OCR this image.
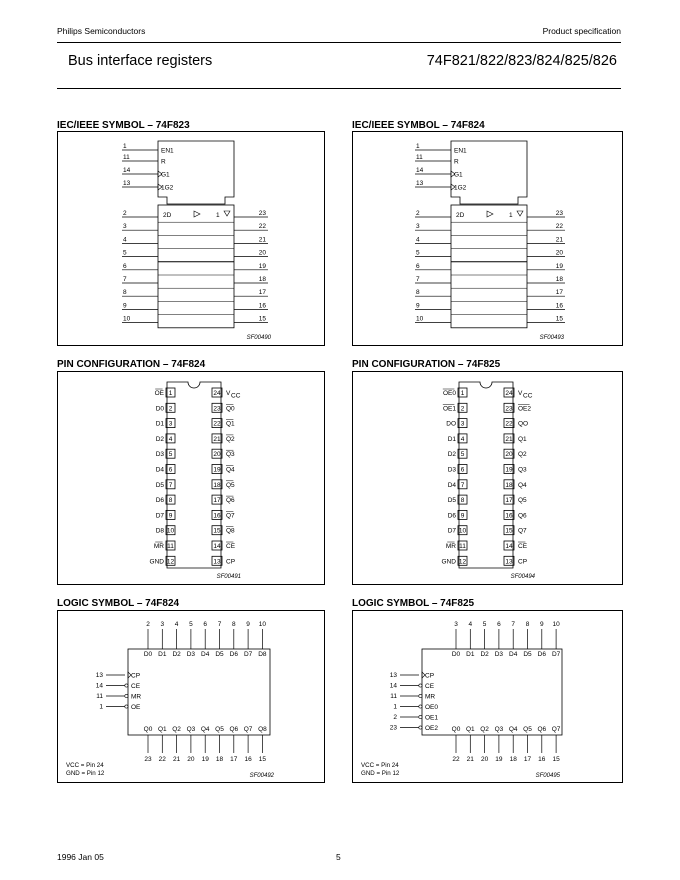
Philips Semiconductors	Product specification
Bus interface registers	74F821/822/823/824/825/826
IEC/IEEE SYMBOL – 74F823	IEC/IEEE SYMBOL – 74F824
PIN CONFIGURATION – 74F824	PIN CONFIGURATION – 74F825
LOGIC SYMBOL – 74F824	LOGIC SYMBOL – 74F825
1
EN1
11
R
14
G1
13
1G2
2D	1
2
3
4
5
6
7
8
9
10
23
22
21
20
19
18
17
16
15
SF00490
1
EN1
11
R
14
G1
13
1G2
2D	1
2
3
4
5
6
7
8
9
10
23
22
21
20
19
18
17
16
15
SF00493
1
OE
2
D0
3
D1
4
D2
5
D3
6
D4
7
D5
8
D6
9
D7
10
D8
11
MR
12
GND
24 V CC
23 Q0
22 Q1
21 Q2
20 Q3
19 Q4
18 Q5
17 Q6
16 Q7
15 Q8
14 CE
13 CP
SF00491
1
OE0
2
OE1
3
DO
4
D1
5
D2
6
D3
7
D4
8
D5
9
D6
10
D7
11
MR
12
GND
24 V CC
23 OE2
22 QO
21 Q1
20 Q2
19 Q3
18 Q4
17 Q5
16 Q6
15 Q7
14 CE
13 CP
SF00494
2
D0
3
D1
4
D2
5
D3
6
D4
7
D5
8
D6
9
D7
10
D8
Q0
23
Q1
22
Q2
21
Q3
20
Q4
19
Q5
18
Q6
17
Q7
16
Q8
15
13	CP
14	CE
11	MR
1	OE
VCC = Pin 24
GND = Pin 12	SF00492
3
D0
4
D1
5
D2
6
D3
7
D4
8
D5
9
D6
10
D7
Q0
22
Q1
21
Q2
20
Q3
19
Q4
18
Q5
17
Q6
16
Q7
15
13	CP
14	CE
11	MR
1	OE0
2	OE1
23	OE2
VCC = Pin 24
GND = Pin 12	SF00495
1996 Jan 05	5
